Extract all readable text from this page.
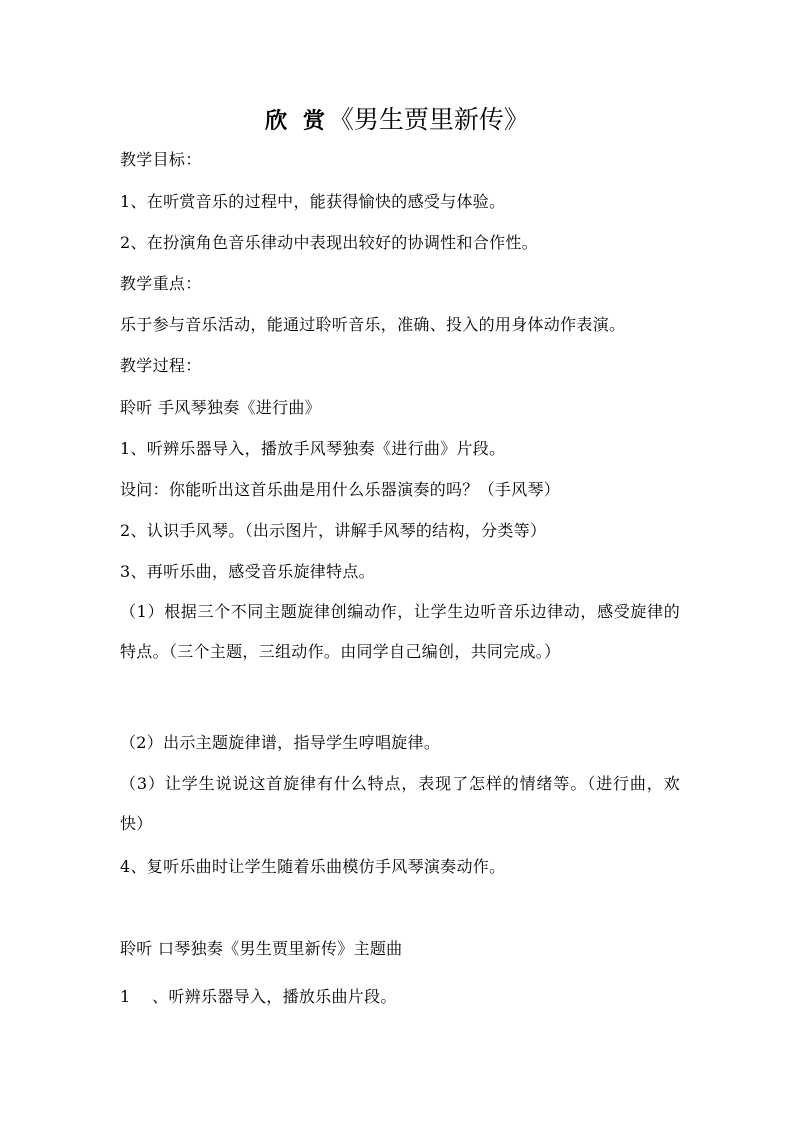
欣 赏《男生贾里新传》
教学目标：
1、在听赏音乐的过程中，能获得愉快的感受与体验。
2、在扮演角色音乐律动中表现出较好的协调性和合作性。
教学重点：
乐于参与音乐活动，能通过聆听音乐，准确、投入的用身体动作表演。
教学过程：
聆听 手风琴独奏《进行曲》
1、听辨乐器导入，播放手风琴独奏《进行曲》片段。
设问：你能听出这首乐曲是用什么乐器演奏的吗？（手风琴）
2、认识手风琴。（出示图片，讲解手风琴的结构，分类等）
3、再听乐曲，感受音乐旋律特点。
（1）根据三个不同主题旋律创编动作，让学生边听音乐边律动，感受旋律的特点。（三个主题，三组动作。由同学自己编创，共同完成。）
（2）出示主题旋律谱，指导学生哼唱旋律。
（3）让学生说说这首旋律有什么特点，表现了怎样的情绪等。（进行曲，欢快）
4、复听乐曲时让学生随着乐曲模仿手风琴演奏动作。
聆听 口琴独奏《男生贾里新传》主题曲
1　 、听辨乐器导入，播放乐曲片段。
